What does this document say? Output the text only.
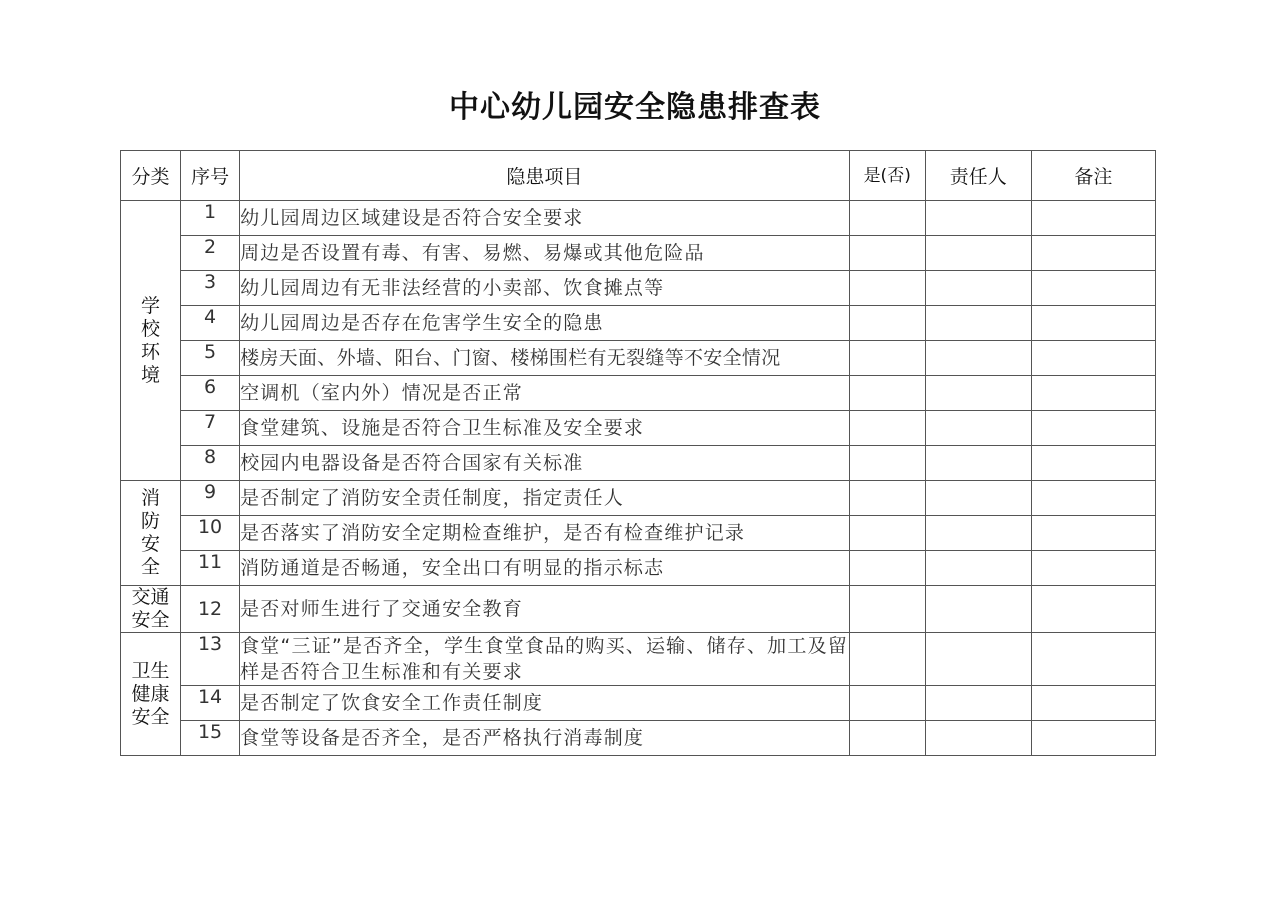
中心幼儿园安全隐患排查表
分类	序号	隐患项目	是(否)	责任人	备注
学校环境	1	幼儿园周边区域建设是否符合安全要求			
	2	周边是否设置有毒、有害、易燃、易爆或其他危险品			
	3	幼儿园周边有无非法经营的小卖部、饮食摊点等			
	4	幼儿园周边是否存在危害学生安全的隐患			
	5	楼房天面、外墙、阳台、门窗、楼梯围栏有无裂缝等不安全情况			
	6	空调机（室内外）情况是否正常			
	7	食堂建筑、设施是否符合卫生标准及安全要求			
	8	校园内电器设备是否符合国家有关标准			
消防安全	9	是否制定了消防安全责任制度，指定责任人			
	10	是否落实了消防安全定期检查维护，是否有检查维护记录			
	11	消防通道是否畅通，安全出口有明显的指示标志			
交通安全	12	是否对师生进行了交通安全教育			
卫生健康安全	13	食堂“三证”是否齐全，学生食堂食品的购买、运输、储存、加工及留样是否符合卫生标准和有关要求			
	14	是否制定了饮食安全工作责任制度			
	15	食堂等设备是否齐全，是否严格执行消毒制度			
